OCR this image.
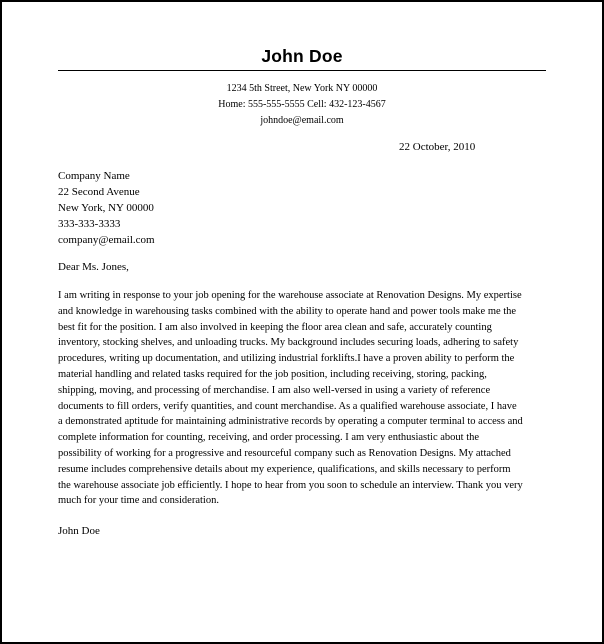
John Doe
1234 5th Street, New York NY 00000
Home: 555-555-5555 Cell: 432-123-4567
johndoe@email.com
22 October, 2010
Company Name
22 Second Avenue
New York, NY 00000
333-333-3333
company@email.com
Dear Ms. Jones,
I am writing in response to your job opening for the warehouse associate at Renovation Designs. My expertise
and knowledge in warehousing tasks combined with the ability to operate hand and power tools make me the
best fit for the position. I am also involved in keeping the floor area clean and safe, accurately counting
inventory, stocking shelves, and unloading trucks. My background includes securing loads, adhering to safety
procedures, writing up documentation, and utilizing industrial forklifts.I have a proven ability to perform the
material handling and related tasks required for the job position, including receiving, storing, packing,
shipping, moving, and processing of merchandise. I am also well-versed in using a variety of reference
documents to fill orders, verify quantities, and count merchandise. As a qualified warehouse associate, I have
a demonstrated aptitude for maintaining administrative records by operating a computer terminal to access and
complete information for counting, receiving, and order processing. I am very enthusiastic about the
possibility of working for a progressive and resourceful company such as Renovation Designs. My attached
resume includes comprehensive details about my experience, qualifications, and skills necessary to perform
the warehouse associate job efficiently. I hope to hear from you soon to schedule an interview. Thank you very
much for your time and consideration.
John Doe
